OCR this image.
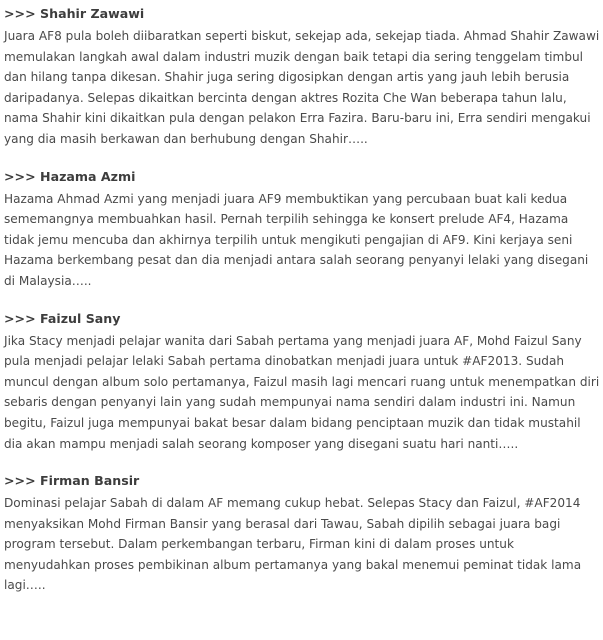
>>> Shahir Zawawi

Juara AF8 pula boleh diibaratkan seperti biskut, sekejap ada, sekejap tiada. Ahmad Shahir Zawawi memulakan langkah awal dalam industri muzik dengan baik tetapi dia sering tenggelam timbul dan hilang tanpa dikesan. Shahir juga sering digosipkan dengan artis yang jauh lebih berusia daripadanya. Selepas dikaitkan bercinta dengan aktres Rozita Che Wan beberapa tahun lalu, nama Shahir kini dikaitkan pula dengan pelakon Erra Fazira. Baru-baru ini, Erra sendiri mengakui yang dia masih berkawan dan berhubung dengan Shahir…..

>>> Hazama Azmi

Hazama Ahmad Azmi yang menjadi juara AF9 membuktikan yang percubaan buat kali kedua sememangnya membuahkan hasil. Pernah terpilih sehingga ke konsert prelude AF4, Hazama tidak jemu mencuba dan akhirnya terpilih untuk mengikuti pengajian di AF9. Kini kerjaya seni Hazama berkembang pesat dan dia menjadi antara salah seorang penyanyi lelaki yang disegani di Malaysia…..

>>> Faizul Sany

Jika Stacy menjadi pelajar wanita dari Sabah pertama yang menjadi juara AF, Mohd Faizul Sany pula menjadi pelajar lelaki Sabah pertama dinobatkan menjadi juara untuk #AF2013. Sudah muncul dengan album solo pertamanya, Faizul masih lagi mencari ruang untuk menempatkan diri sebaris dengan penyanyi lain yang sudah mempunyai nama sendiri dalam industri ini. Namun begitu, Faizul juga mempunyai bakat besar dalam bidang penciptaan muzik dan tidak mustahil dia akan mampu menjadi salah seorang komposer yang disegani suatu hari nanti…..

>>> Firman Bansir

Dominasi pelajar Sabah di dalam AF memang cukup hebat. Selepas Stacy dan Faizul, #AF2014 menyaksikan Mohd Firman Bansir yang berasal dari Tawau, Sabah dipilih sebagai juara bagi program tersebut. Dalam perkembangan terbaru, Firman kini di dalam proses untuk menyudahkan proses pembikinan album pertamanya yang bakal menemui peminat tidak lama lagi…..
